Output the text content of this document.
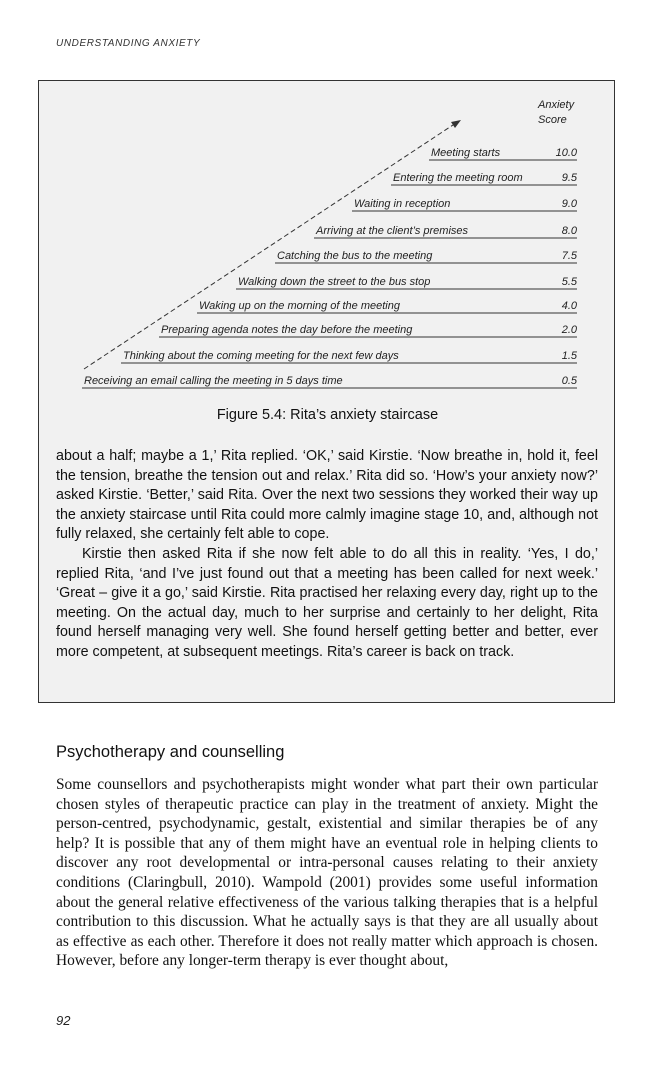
UNDERSTANDING ANXIETY
Anxiety
Score
Meeting starts	10.0
Entering the meeting room	9.5
Waiting in reception	9.0
Arriving at the client’s premises	8.0
Catching the bus to the meeting	7.5
Walking down the street to the bus stop	5.5
Waking up on the morning of the meeting	4.0
Preparing agenda notes the day before the meeting	2.0
Thinking about the coming meeting for the next few days	1.5
Receiving an email calling the meeting in 5 days time	0.5
Figure 5.4: Rita’s anxiety staircase

about a half; maybe a 1,’ Rita replied. ‘OK,’ said Kirstie. ‘Now breathe in, hold it, feel the tension, breathe the tension out and relax.’ Rita did so. ‘How’s your anxiety now?’ asked Kirstie. ‘Better,’ said Rita. Over the next two sessions they worked their way up the anxiety staircase until Rita could more calmly imagine stage 10, and, although not fully relaxed, she certainly felt able to cope.

Kirstie then asked Rita if she now felt able to do all this in reality. ‘Yes, I do,’ replied Rita, ‘and I’ve just found out that a meeting has been called for next week.’ ‘Great – give it a go,’ said Kirstie. Rita practised her relaxing every day, right up to the meeting. On the actual day, much to her surprise and certainly to her delight, Rita found herself managing very well. She found herself getting better and better, ever more competent, at subsequent meetings. Rita’s career is back on track.

Psychotherapy and counselling

Some counsellors and psychotherapists might wonder what part their own particular chosen styles of therapeutic practice can play in the treatment of anxiety. Might the person-centred, psychodynamic, gestalt, existential and similar therapies be of any help? It is possible that any of them might have an eventual role in helping clients to discover any root developmental or intra-personal causes relating to their anxiety conditions (Claringbull, 2010). Wampold (2001) provides some useful information about the general relative effectiveness of the various talking therapies that is a helpful contribution to this discussion. What he actually says is that they are all usually about as effective as each other. Therefore it does not really matter which approach is chosen. However, before any longer-term therapy is ever thought about,

92
